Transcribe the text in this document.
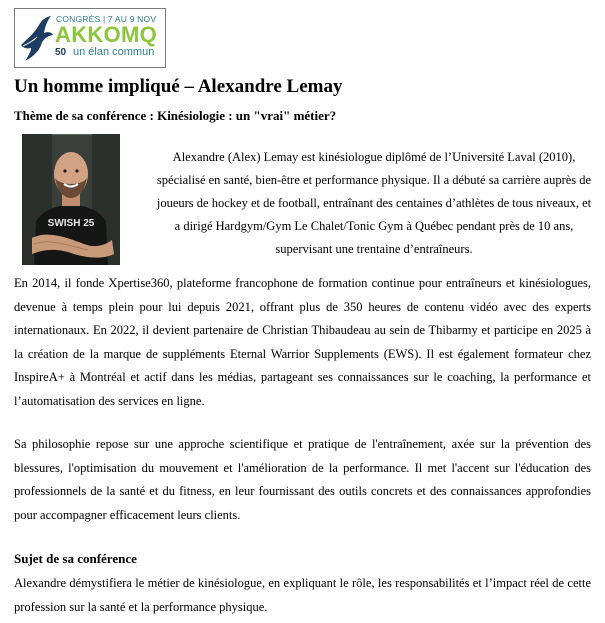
CONGRÈS | 7 AU 9 NOV
AKKOMQ
50 un élan commun
Un homme impliqué – Alexandre Lemay

Thème de sa conférence : Kinésiologie : un "vrai" métier?

SWISH 25

Alexandre (Alex) Lemay est kinésiologue diplômé de l’Université Laval (2010), spécialisé en santé, bien-être et performance physique. Il a débuté sa carrière auprès de joueurs de hockey et de football, entraînant des centaines d’athlètes de tous niveaux, et a dirigé Hardgym/Gym Le Chalet/Tonic Gym à Québec pendant près de 10 ans, supervisant une trentaine d’entraîneurs.

En 2014, il fonde Xpertise360, plateforme francophone de formation continue pour entraîneurs et kinésiologues, devenue à temps plein pour lui depuis 2021, offrant plus de 350 heures de contenu vidéo avec des experts internationaux. En 2022, il devient partenaire de Christian Thibaudeau au sein de Thibarmy et participe en 2025 à la création de la marque de suppléments Eternal Warrior Supplements (EWS). Il est également formateur chez InspireA+ à Montréal et actif dans les médias, partageant ses connaissances sur le coaching, la performance et l’automatisation des services en ligne.

Sa philosophie repose sur une approche scientifique et pratique de l'entraînement, axée sur la prévention des blessures, l'optimisation du mouvement et l'amélioration de la performance. Il met l'accent sur l'éducation des professionnels de la santé et du fitness, en leur fournissant des outils concrets et des connaissances approfondies pour accompagner efficacement leurs clients.

Sujet de sa conférence

Alexandre démystifiera le métier de kinésiologue, en expliquant le rôle, les responsabilités et l’impact réel de cette profession sur la santé et la performance physique.
